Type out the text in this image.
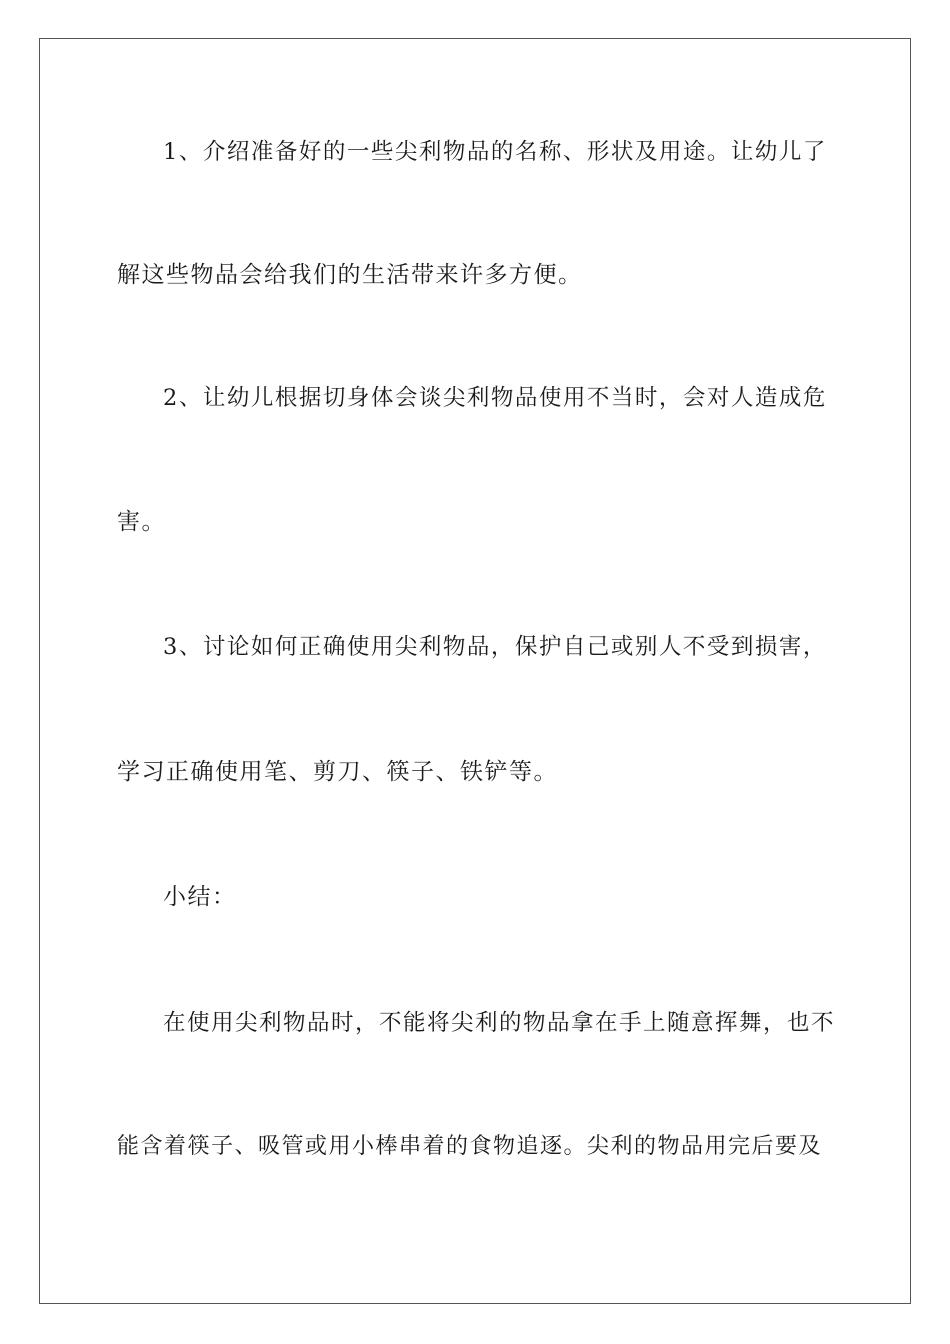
1、介绍准备好的一些尖利物品的名称、形状及用途。让幼儿了
解这些物品会给我们的生活带来许多方便。
2、让幼儿根据切身体会谈尖利物品使用不当时，会对人造成危
害。
3、讨论如何正确使用尖利物品，保护自己或别人不受到损害，
学习正确使用笔、剪刀、筷子、铁铲等。
小结：
在使用尖利物品时，不能将尖利的物品拿在手上随意挥舞，也不
能含着筷子、吸管或用小棒串着的食物追逐。尖利的物品用完后要及
